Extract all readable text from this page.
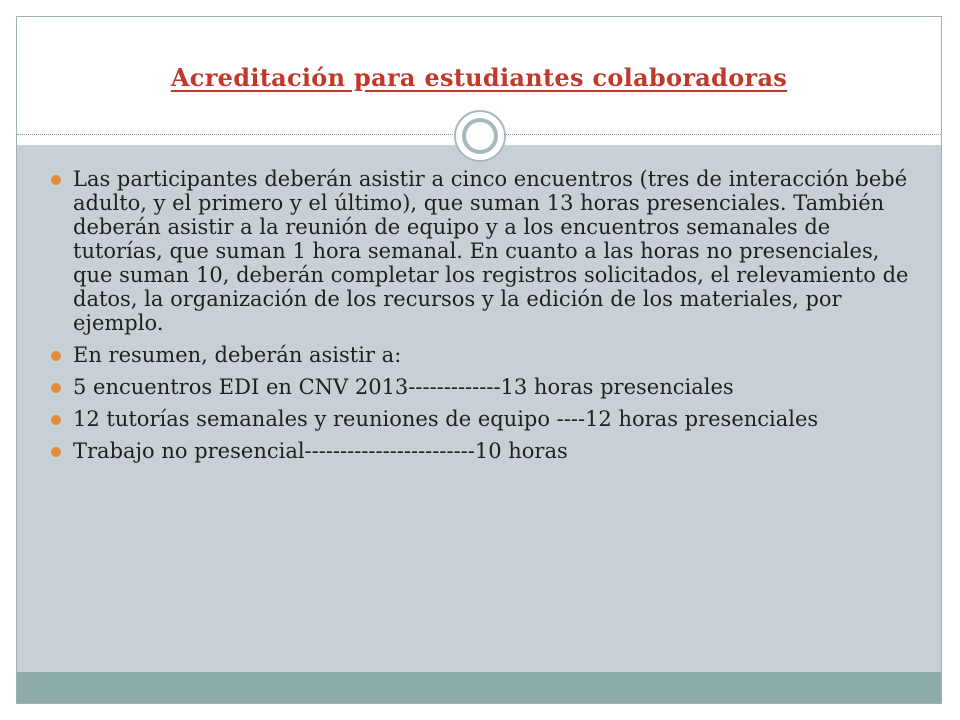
Acreditación para estudiantes colaboradoras
Las participantes deberán asistir a cinco encuentros (tres de interacción bebé adulto, y el primero y el último), que suman 13 horas presenciales. También deberán asistir a la reunión de equipo y a los encuentros semanales de tutorías, que suman 1 hora semanal. En cuanto a las horas no presenciales, que suman 10, deberán completar los registros solicitados, el relevamiento de datos, la organización de los recursos y la edición de los materiales, por ejemplo.
En resumen, deberán asistir a:
5 encuentros EDI en CNV 2013-------------13 horas presenciales
12 tutorías semanales y reuniones de equipo ----12 horas presenciales
Trabajo no presencial------------------------10 horas
